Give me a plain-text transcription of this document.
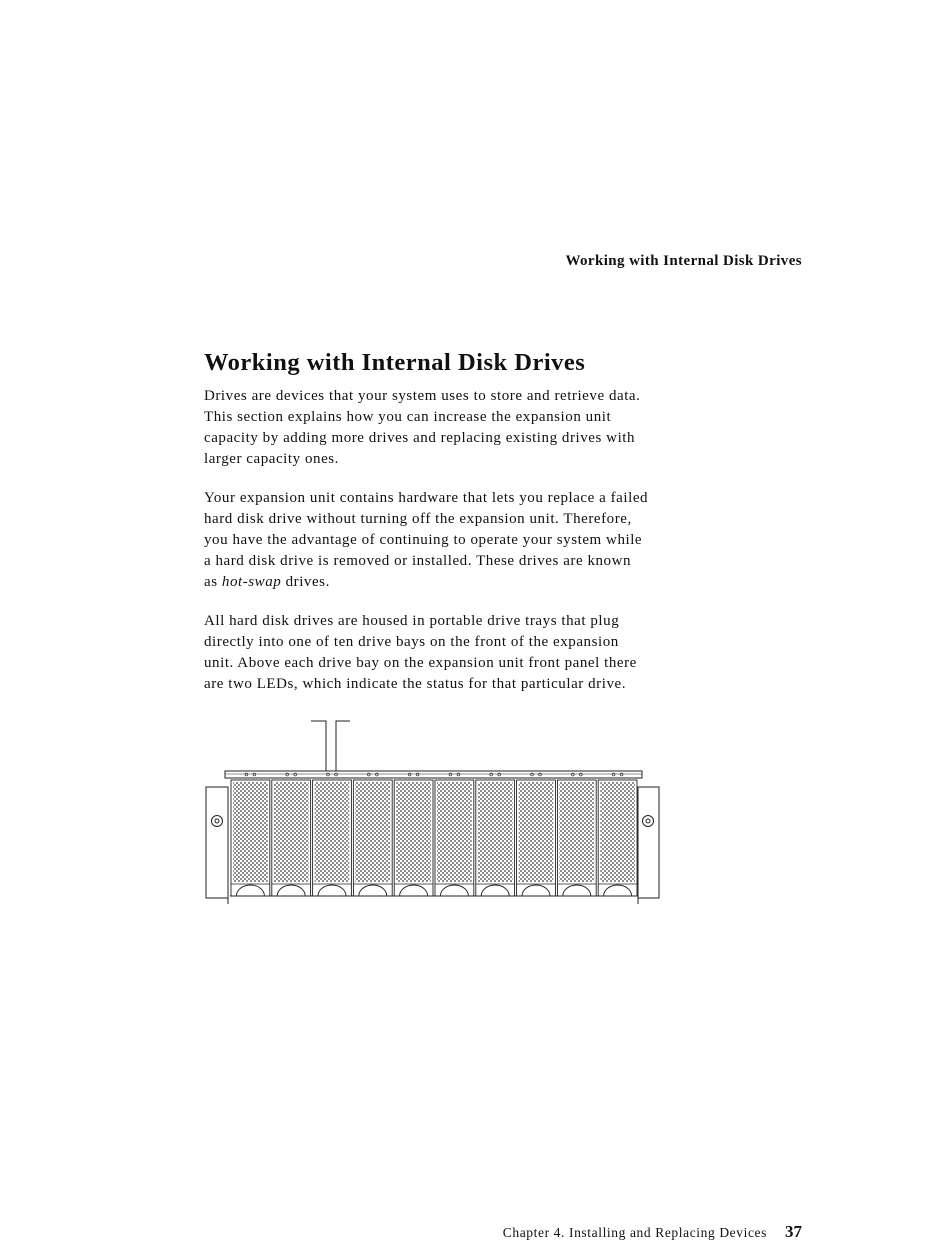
Working with Internal Disk Drives
Working with Internal Disk Drives

Drives are devices that your system uses to store and retrieve data.
This section explains how you can increase the expansion unit
capacity by adding more drives and replacing existing drives with
larger capacity ones.

Your expansion unit contains hardware that lets you replace a failed
hard disk drive without turning off the expansion unit. Therefore,
you have the advantage of continuing to operate your system while
a hard disk drive is removed or installed. These drives are known
as hot-swap drives.

All hard disk drives are housed in portable drive trays that plug
directly into one of ten drive bays on the front of the expansion
unit. Above each drive bay on the expansion unit front panel there
are two LEDs, which indicate the status for that particular drive.

Chapter 4. Installing and Replacing Devices 37
